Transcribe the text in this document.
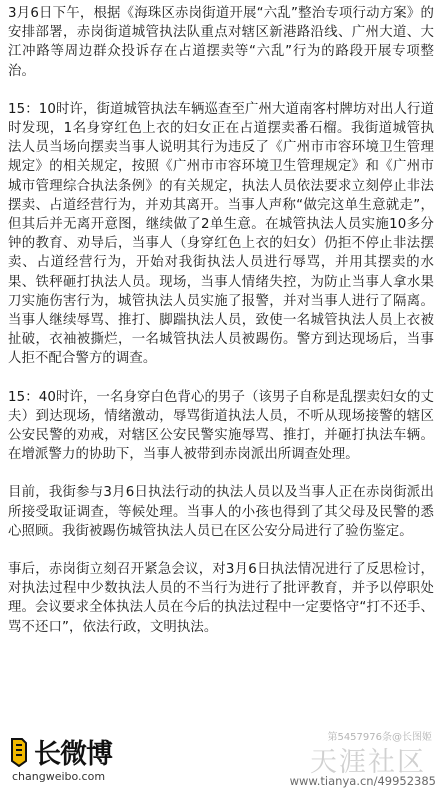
3月6日下午，根据《海珠区赤岗街道开展“六乱”整治专项行动方案》的安排部署，赤岗街道城管执法队重点对辖区新港路沿线、广州大道、大江冲路等周边群众投诉存在占道摆卖等“六乱”行为的路段开展专项整治。

15：10时许，街道城管执法车辆巡查至广州大道南客村牌坊对出人行道时发现，1名身穿红色上衣的妇女正在占道摆卖番石榴。我街道城管执法人员当场向摆卖当事人说明其行为违反了《广州市市容环境卫生管理规定》的相关规定，按照《广州市市容环境卫生管理规定》和《广州市城市管理综合执法条例》的有关规定，执法人员依法要求立刻停止非法摆卖、占道经营行为，并劝其离开。当事人声称“做完这单生意就走”，但其后并无离开意图，继续做了2单生意。在城管执法人员实施10多分钟的教育、劝导后，当事人（身穿红色上衣的妇女）仍拒不停止非法摆卖、占道经营行为，开始对我街执法人员进行辱骂，并用其摆卖的水果、铁秤砸打执法人员。现场，当事人情绪失控，为防止当事人拿水果刀实施伤害行为，城管执法人员实施了报警，并对当事人进行了隔离。当事人继续辱骂、推打、脚踹执法人员，致使一名城管执法人员上衣被扯破，衣袖被撕烂，一名城管执法人员被踢伤。警方到达现场后，当事人拒不配合警方的调查。

15：40时许，一名身穿白色背心的男子（该男子自称是乱摆卖妇女的丈夫）到达现场，情绪激动，辱骂街道执法人员，不听从现场接警的辖区公安民警的劝戒，对辖区公安民警实施辱骂、推打，并砸打执法车辆。在增派警力的协助下，当事人被带到赤岗派出所调查处理。

目前，我街参与3月6日执法行动的执法人员以及当事人正在赤岗街派出所接受取证调查，等候处理。当事人的小孩也得到了其父母及民警的悉心照顾。我街被踢伤城管执法人员已在区公安分局进行了验伤鉴定。

事后，赤岗街立刻召开紧急会议，对3月6日执法情况进行了反思检讨，对执法过程中少数执法人员的不当行为进行了批评教育，并予以停职处理。会议要求全体执法人员在今后的执法过程中一定要恪守“打不还手、骂不还口”，依法行政，文明执法。

长微博
changweibo.com
第5457976条@长图姬
天涯社区
www.tianya.cn/49952385
